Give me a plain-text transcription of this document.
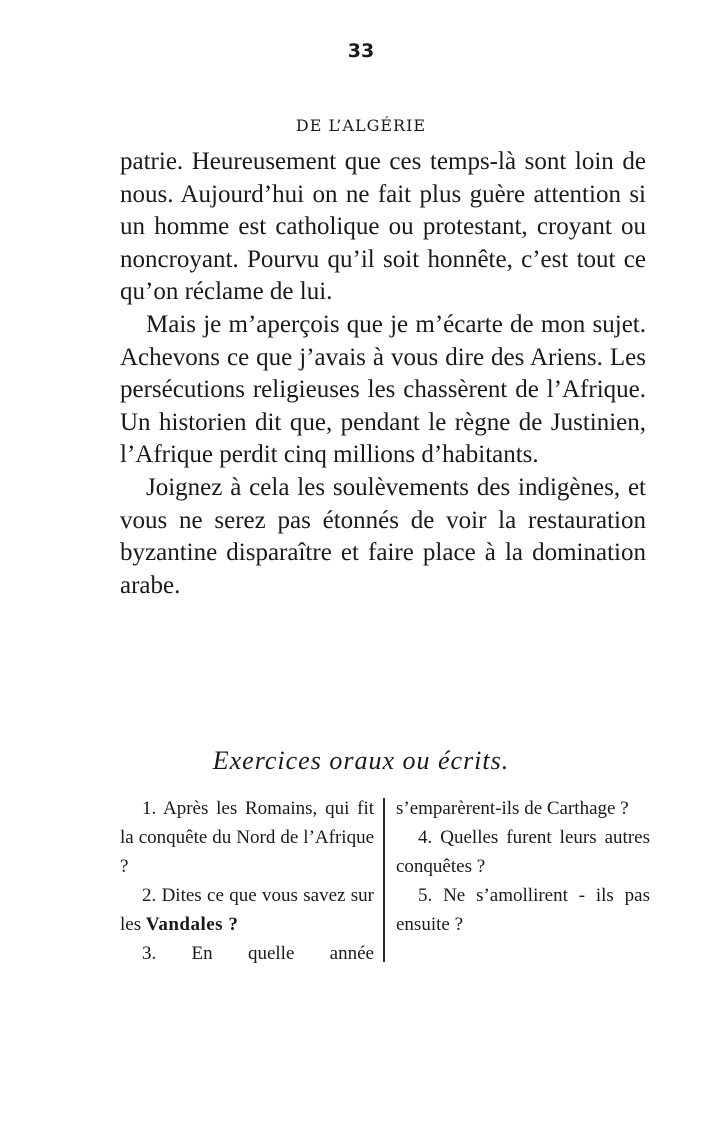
33
DE L’ALGÉRIE

patrie. Heureusement que ces temps-là sont loin de nous. Aujourd’hui on ne fait plus guère attention si un homme est catholique ou protestant, croyant ou noncroyant. Pourvu qu’il soit honnête, c’est tout ce qu’on réclame de lui.

Mais je m’aperçois que je m’écarte de mon sujet. Achevons ce que j’avais à vous dire des Ariens. Les persécutions religieuses les chassèrent de l’Afrique. Un historien dit que, pendant le règne de Justinien, l’Afrique perdit cinq millions d’habitants.

Joignez à cela les soulèvements des indigènes, et vous ne serez pas étonnés de voir la restauration byzantine disparaître et faire place à la domination arabe.

Exercices oraux ou écrits.

1. Après les Romains, qui fit la conquête du Nord de l’Afrique ?

2. Dites ce que vous savez sur les Vandales ?

3. En quelle année

s’emparèrent-ils de Carthage ?

4. Quelles furent leurs autres conquêtes ?

5. Ne s’amollirent - ils pas ensuite ?
